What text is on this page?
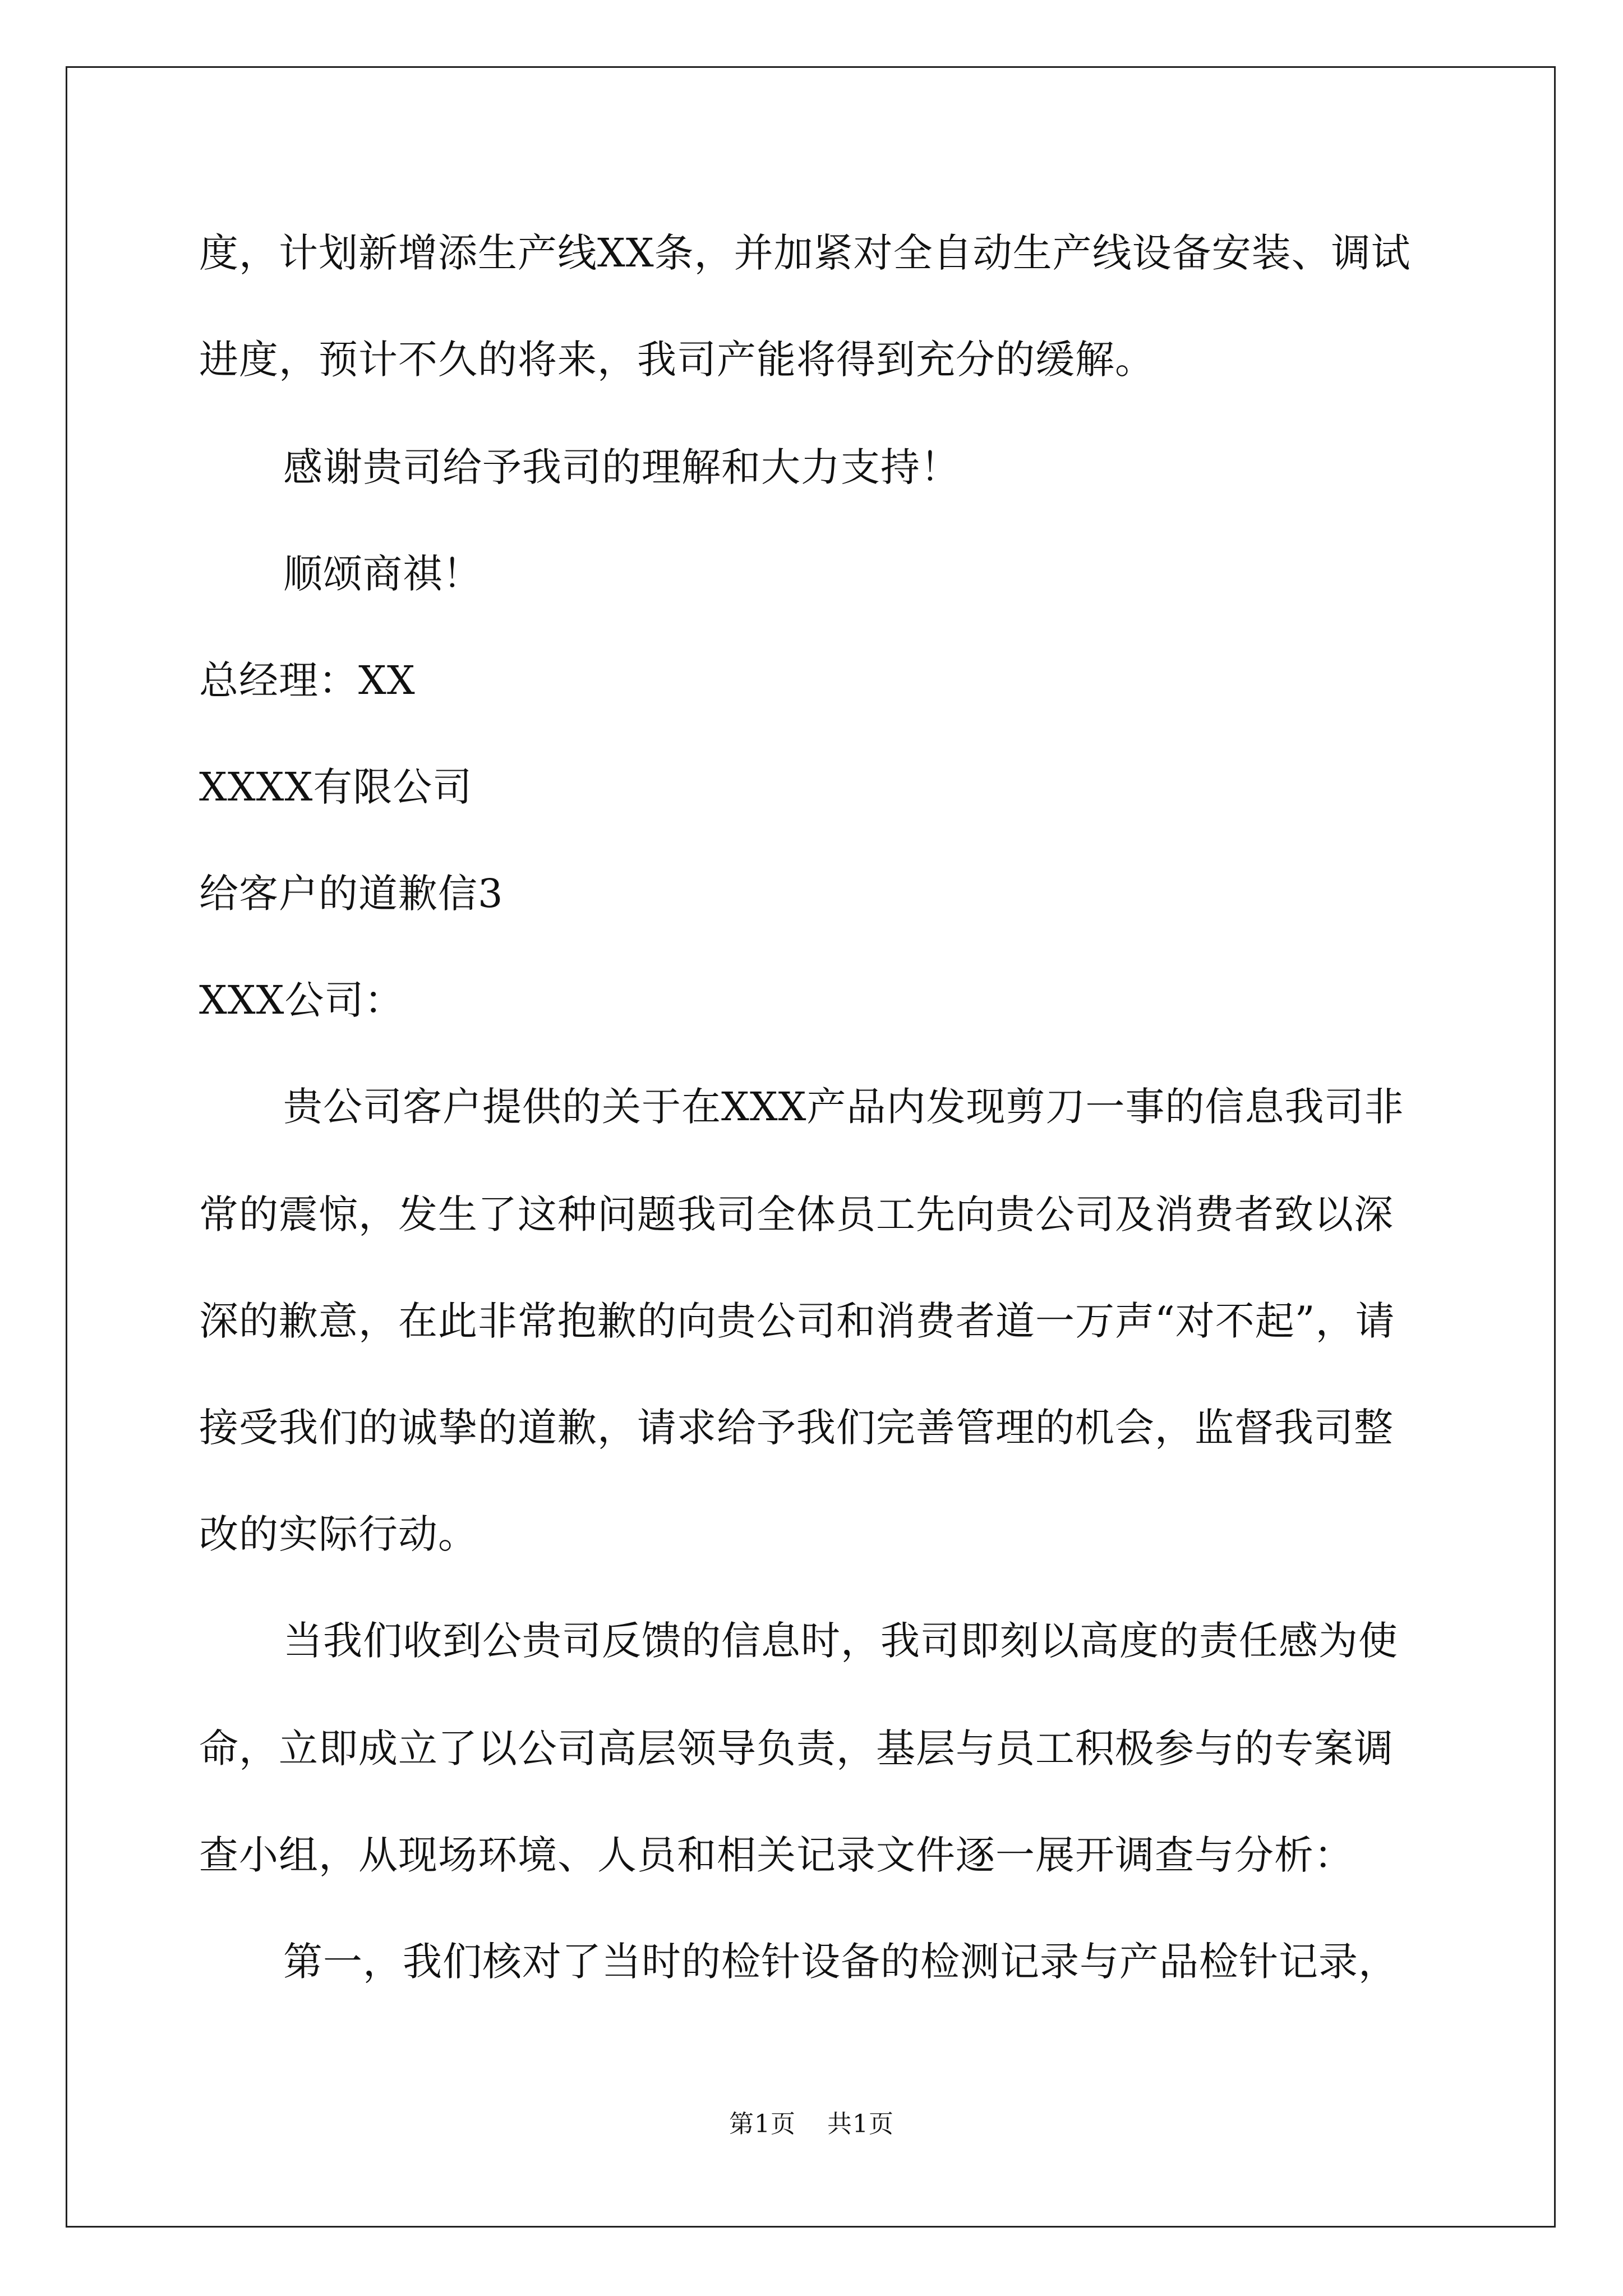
度，计划新增添生产线XX条，并加紧对全自动生产线设备安装、调试
进度，预计不久的将来，我司产能将得到充分的缓解。
感谢贵司给予我司的理解和大力支持！
顺颂商祺！
总经理：XX
XXXX有限公司
给客户的道歉信3
XXX公司：
贵公司客户提供的关于在XXX产品内发现剪刀一事的信息我司非
常的震惊，发生了这种问题我司全体员工先向贵公司及消费者致以深
深的歉意，在此非常抱歉的向贵公司和消费者道一万声“对不起”，请
接受我们的诚挚的道歉，请求给予我们完善管理的机会，监督我司整
改的实际行动。
当我们收到公贵司反馈的信息时，我司即刻以高度的责任感为使
命，立即成立了以公司高层领导负责，基层与员工积极参与的专案调
查小组，从现场环境、人员和相关记录文件逐一展开调查与分析：
第一，我们核对了当时的检针设备的检测记录与产品检针记录，
第1页 共1页
